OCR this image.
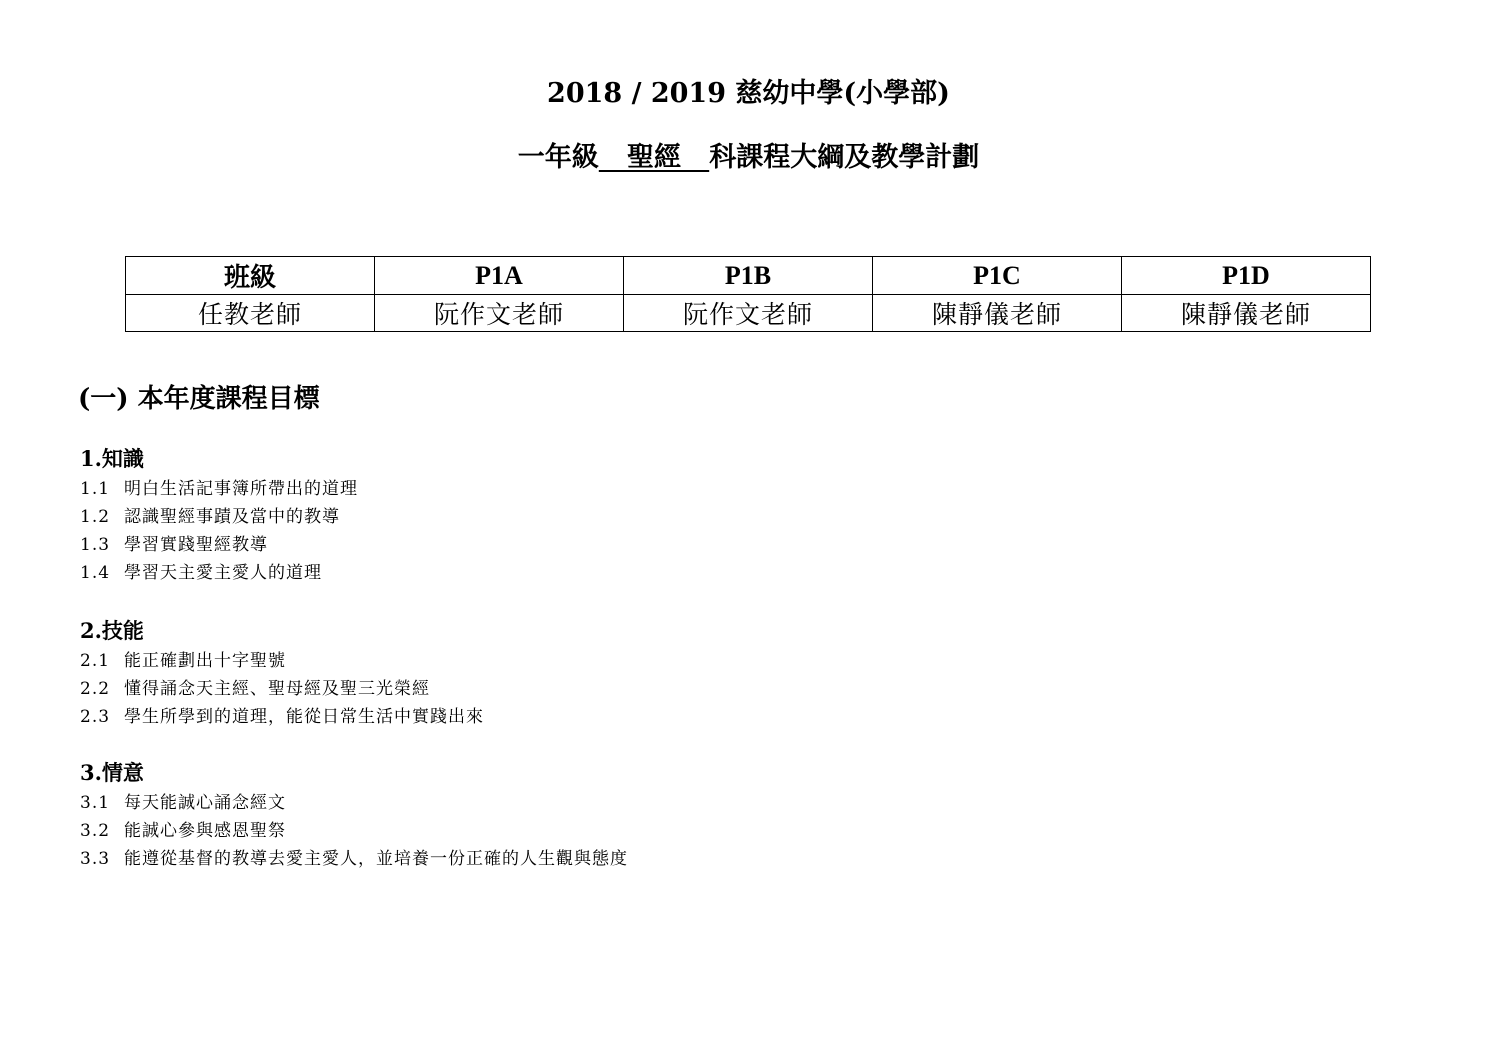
2018 / 2019 慈幼中學(小學部)
一年級 聖經 科課程大綱及教學計劃
班級	P1A	P1B	P1C	P1D
任教老師	阮作文老師	阮作文老師	陳靜儀老師	陳靜儀老師
(一) 本年度課程目標
1.知識
1.1 明白生活記事簿所帶出的道理
1.2 認識聖經事蹟及當中的教導
1.3 學習實踐聖經教導
1.4 學習天主愛主愛人的道理
2.技能
2.1 能正確劃出十字聖號
2.2 懂得誦念天主經、聖母經及聖三光榮經
2.3 學生所學到的道理，能從日常生活中實踐出來
3.情意
3.1 每天能誠心誦念經文
3.2 能誠心參與感恩聖祭
3.3 能遵從基督的教導去愛主愛人，並培養一份正確的人生觀與態度
